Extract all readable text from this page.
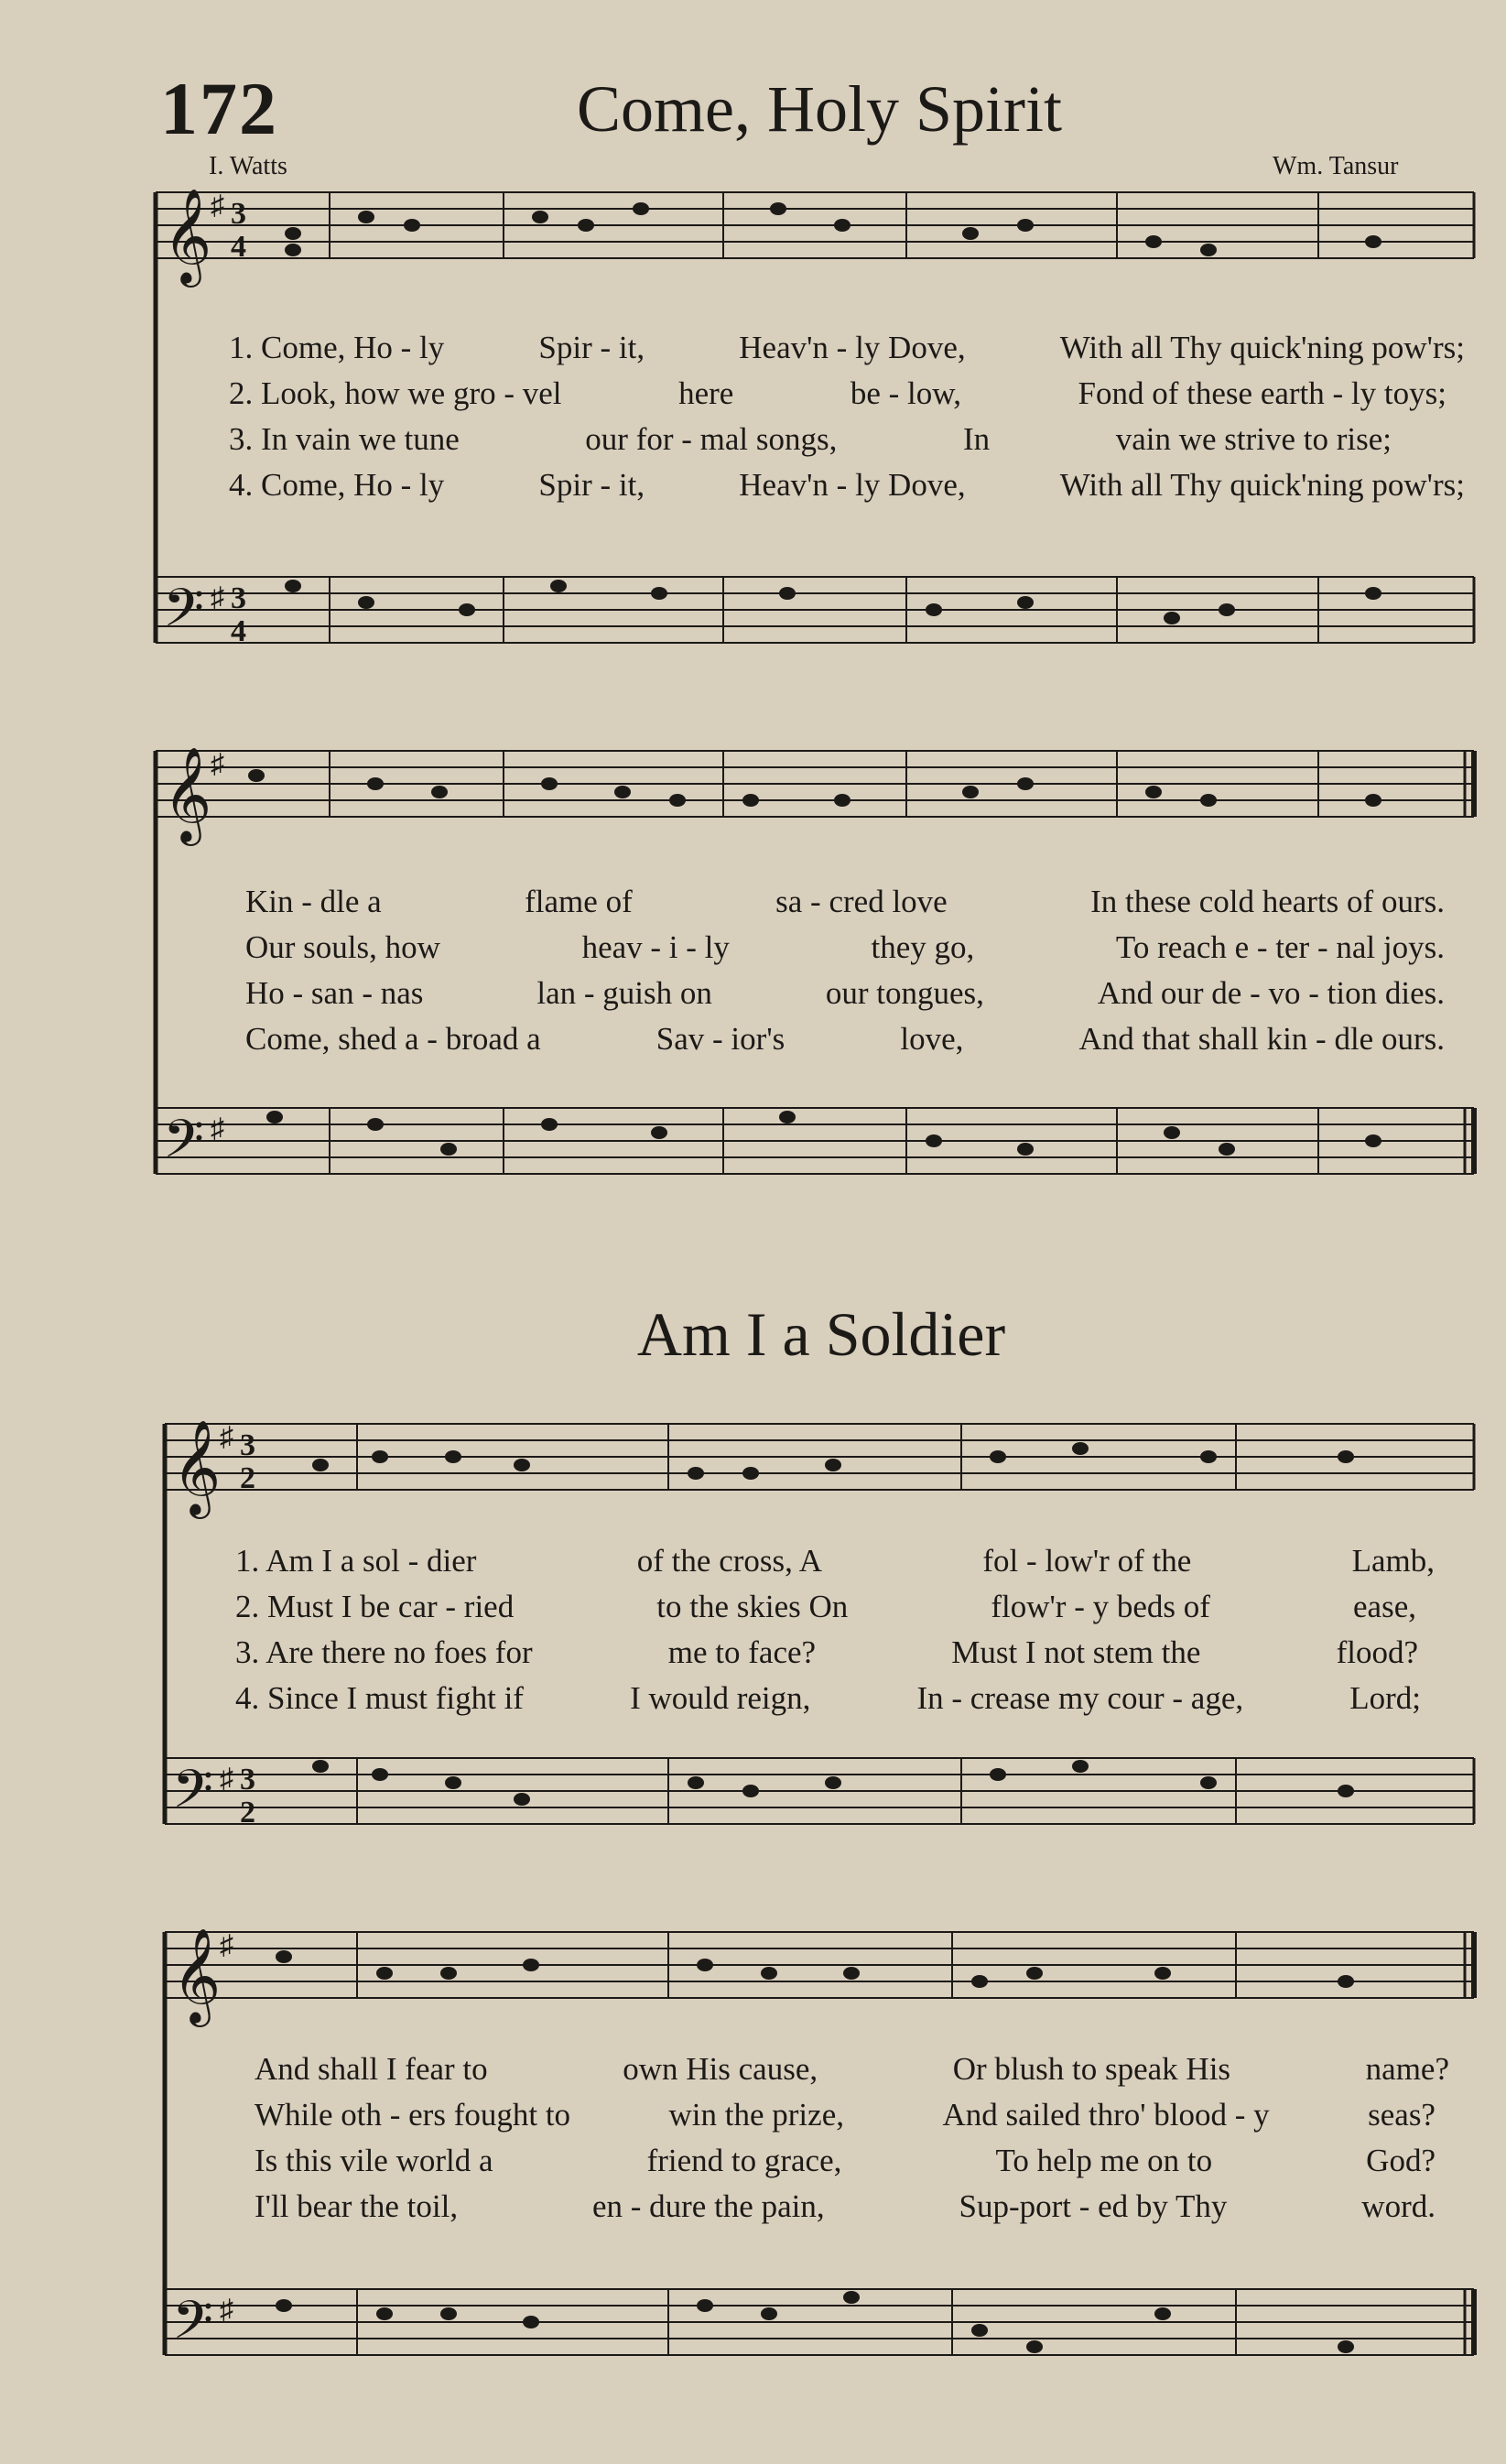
172	Come, Holy Spirit
I. Watts	Wm. Tansur
𝄞
𝄢
♯
♯
3
4
3
4
1. Come, Ho - ly	Spir - it,	Heav'n - ly Dove,	With all Thy quick'ning pow'rs;
2. Look, how we gro - vel	here	be - low,	Fond of these earth - ly toys;
3. In vain we tune	our for - mal songs,	In	vain we strive to rise;
4. Come, Ho - ly	Spir - it,	Heav'n - ly Dove,	With all Thy quick'ning pow'rs;
𝄞
𝄢
♯
♯
Kin - dle a	flame of	sa - cred love	In these cold hearts of ours.
Our souls, how	heav - i - ly	they go,	To reach e - ter - nal joys.
Ho - san - nas	lan - guish on	our tongues,	And our de - vo - tion dies.
Come, shed a - broad a	Sav - ior's	love,	And that shall kin - dle ours.
Am I a Soldier
𝄞
𝄢
♯
♯
3
2
3
2
1. Am I a sol - dier	of the cross, A	fol - low'r of the	Lamb,
2. Must I be car - ried	to the skies On	flow'r - y beds of	ease,
3. Are there no foes for	me to face?	Must I not stem the	flood?
4. Since I must fight if	I would reign,	In - crease my cour - age,	Lord;
𝄞
𝄢
♯
♯
And shall I fear to	own His cause,	Or blush to speak His	name?
While oth - ers fought to	win the prize,	And sailed thro' blood - y	seas?
Is this vile world a	friend to grace,	To help me on to	God?
I'll bear the toil,	en - dure the pain,	Sup-port - ed by Thy	word.
